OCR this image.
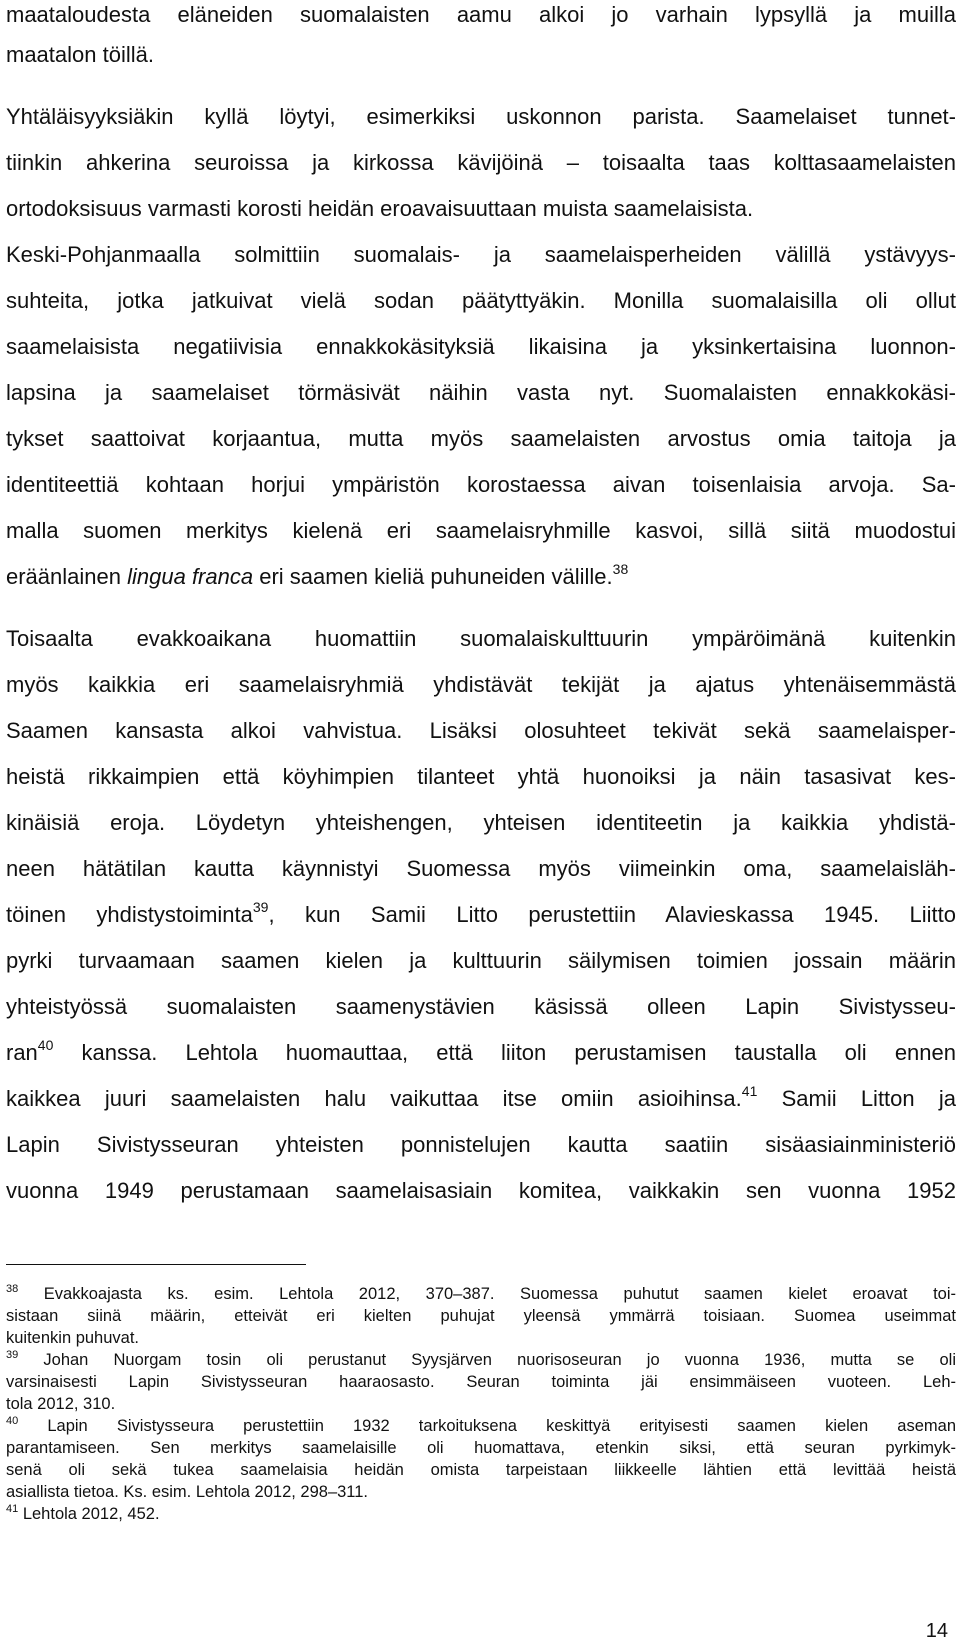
maataloudesta eläneiden suomalaisten aamu alkoi jo varhain lypsyllä ja muilla
maatalon töillä.
Yhtäläisyyksiäkin kyllä löytyi, esimerkiksi uskonnon parista. Saamelaiset tunnet-
tiinkin ahkerina seuroissa ja kirkossa kävijöinä – toisaalta taas kolttasaamelaisten
ortodoksisuus varmasti korosti heidän eroavaisuuttaan muista saamelaisista.
Keski-Pohjanmaalla solmittiin suomalais- ja saamelaisperheiden välillä ystävyys-
suhteita, jotka jatkuivat vielä sodan päätyttyäkin. Monilla suomalaisilla oli ollut
saamelaisista negatiivisia ennakkokäsityksiä likaisina ja yksinkertaisina luonnon-
lapsina ja saamelaiset törmäsivät näihin vasta nyt. Suomalaisten ennakkokäsi-
tykset saattoivat korjaantua, mutta myös saamelaisten arvostus omia taitoja ja
identiteettiä kohtaan horjui ympäristön korostaessa aivan toisenlaisia arvoja. Sa-
malla suomen merkitys kielenä eri saamelaisryhmille kasvoi, sillä siitä muodostui
eräänlainen lingua franca eri saamen kieliä puhuneiden välille.$^{38}$
Toisaalta evakkoaikana huomattiin suomalaiskulttuurin ympäröimänä kuitenkin
myös kaikkia eri saamelaisryhmiä yhdistävät tekijät ja ajatus yhtenäisemmästä
Saamen kansasta alkoi vahvistua. Lisäksi olosuhteet tekivät sekä saamelaisper-
heistä rikkaimpien että köyhimpien tilanteet yhtä huonoiksi ja näin tasasivat kes-
kinäisiä eroja. Löydetyn yhteishengen, yhteisen identiteetin ja kaikkia yhdistä-
neen hätätilan kautta käynnistyi Suomessa myös viimeinkin oma, saamelaisläh-
töinen yhdistystoiminta$^{39}$, kun Samii Litto perustettiin Alavieskassa 1945. Liitto
pyrki turvaamaan saamen kielen ja kulttuurin säilymisen toimien jossain määrin
yhteistyössä suomalaisten saamenystävien käsissä olleen Lapin Sivistysseu-
ran$^{40}$ kanssa. Lehtola huomauttaa, että liiton perustamisen taustalla oli ennen
kaikkea juuri saamelaisten halu vaikuttaa itse omiin asioihinsa.$^{41}$ Samii Litton ja
Lapin Sivistysseuran yhteisten ponnistelujen kautta saatiin sisäasiainministeriö
vuonna 1949 perustamaan saamelaisasiain komitea, vaikkakin sen vuonna 1952
$^{38}$ Evakkoajasta ks. esim. Lehtola 2012, 370–387. Suomessa puhutut saamen kielet eroavat toi-
sistaan siinä määrin, etteivät eri kielten puhujat yleensä ymmärrä toisiaan. Suomea useimmat
kuitenkin puhuvat.
$^{39}$ Johan Nuorgam tosin oli perustanut Syysjärven nuorisoseuran jo vuonna 1936, mutta se oli
varsinaisesti Lapin Sivistysseuran haaraosasto. Seuran toiminta jäi ensimmäiseen vuoteen. Leh-
tola 2012, 310.
$^{40}$ Lapin Sivistysseura perustettiin 1932 tarkoituksena keskittyä erityisesti saamen kielen aseman
parantamiseen. Sen merkitys saamelaisille oli huomattava, etenkin siksi, että seuran pyrkimyk-
senä oli sekä tukea saamelaisia heidän omista tarpeistaan liikkeelle lähtien että levittää heistä
asiallista tietoa. Ks. esim. Lehtola 2012, 298–311.
$^{41}$ Lehtola 2012, 452.
14
